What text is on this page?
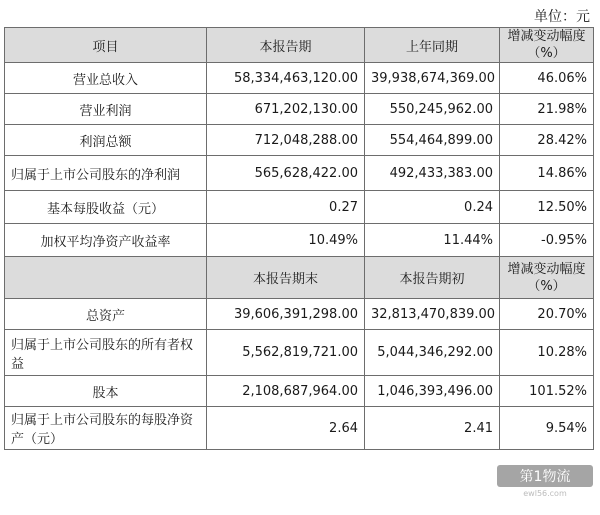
单位：元
项目	本报告期	上年同期	增减变动幅度（%）
营业总收入	58,334,463,120.00	39,938,674,369.00	46.06%
营业利润	671,202,130.00	550,245,962.00	21.98%
利润总额	712,048,288.00	554,464,899.00	28.42%
归属于上市公司股东的净利润	565,628,422.00	492,433,383.00	14.86%
基本每股收益（元）	0.27	0.24	12.50%
加权平均净资产收益率	10.49%	11.44%	-0.95%
	本报告期末	本报告期初	增减变动幅度（%）
总资产	39,606,391,298.00	32,813,470,839.00	20.70%
归属于上市公司股东的所有者权益	5,562,819,721.00	5,044,346,292.00	10.28%
股本	2,108,687,964.00	1,046,393,496.00	101.52%
归属于上市公司股东的每股净资产（元）	2.64	2.41	9.54%
第1物流
ewl56.com
